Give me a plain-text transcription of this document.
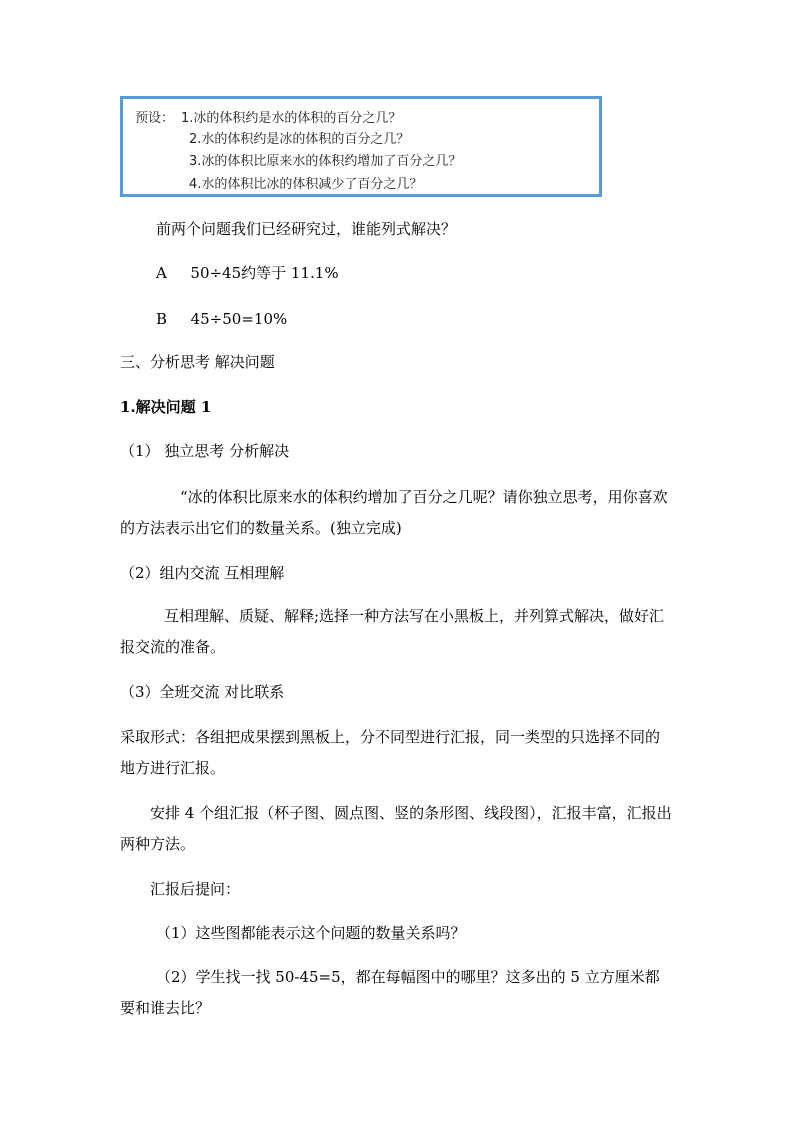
预设： 1.冰的体积约是水的体积的百分之几？
2.水的体积约是冰的体积的百分之几？
3.冰的体积比原来水的体积约增加了百分之几？
4.水的体积比冰的体积减少了百分之几？
前两个问题我们已经研究过，谁能列式解决？
A 50÷45约等于 11.1%
B 45÷50=10%
三、分析思考 解决问题
1.解决问题 1
（1） 独立思考 分析解决
“冰的体积比原来水的体积约增加了百分之几呢？请你独立思考，用你喜欢的方法表示出它们的数量关系。(独立完成)
（2）组内交流 互相理解
互相理解、质疑、解释;选择一种方法写在小黑板上，并列算式解决，做好汇报交流的准备。
（3）全班交流 对比联系
采取形式：各组把成果摆到黑板上，分不同型进行汇报，同一类型的只选择不同的地方进行汇报。
安排 4 个组汇报（杯子图、圆点图、竖的条形图、线段图），汇报丰富，汇报出两种方法。
汇报后提问：
（1）这些图都能表示这个问题的数量关系吗？
（2）学生找一找 50-45=5，都在每幅图中的哪里？这多出的 5 立方厘米都要和谁去比？
